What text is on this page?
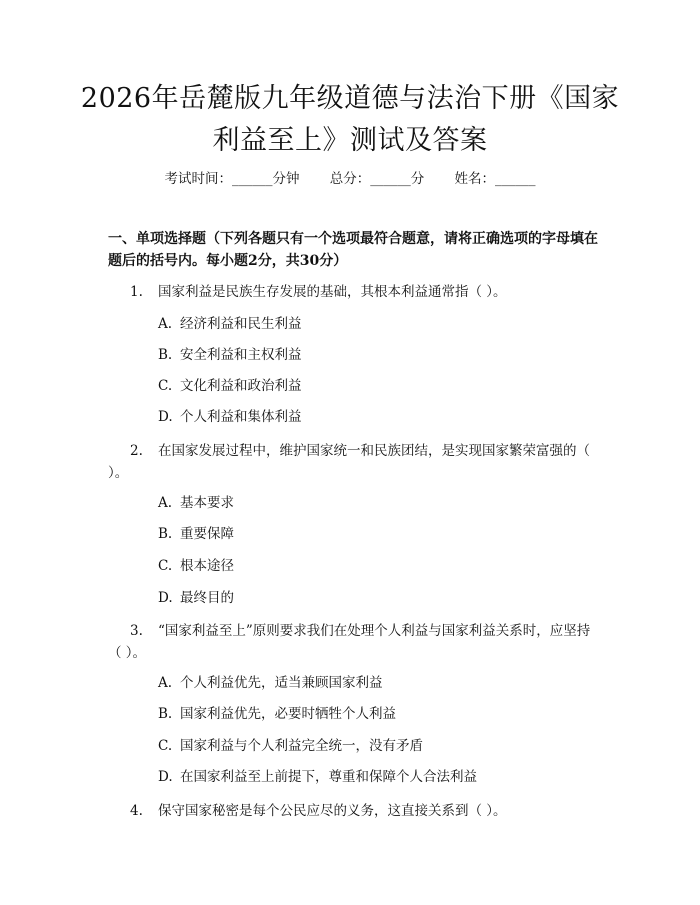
2026年岳麓版九年级道德与法治下册《国家利益至上》测试及答案
考试时间：______分钟 总分：______分 姓名：______
一、单项选择题（下列各题只有一个选项最符合题意，请将正确选项的字母填在题后的括号内。每小题2分，共30分）
1. 国家利益是民族生存发展的基础，其根本利益通常指（ ）。
A. 经济利益和民生利益
B. 安全利益和主权利益
C. 文化利益和政治利益
D. 个人利益和集体利益
2. 在国家发展过程中，维护国家统一和民族团结，是实现国家繁荣富强的（ ）。
A. 基本要求
B. 重要保障
C. 根本途径
D. 最终目的
3. “国家利益至上”原则要求我们在处理个人利益与国家利益关系时，应坚持（ ）。
A. 个人利益优先，适当兼顾国家利益
B. 国家利益优先，必要时牺牲个人利益
C. 国家利益与个人利益完全统一，没有矛盾
D. 在国家利益至上前提下，尊重和保障个人合法利益
4. 保守国家秘密是每个公民应尽的义务，这直接关系到（ ）。
